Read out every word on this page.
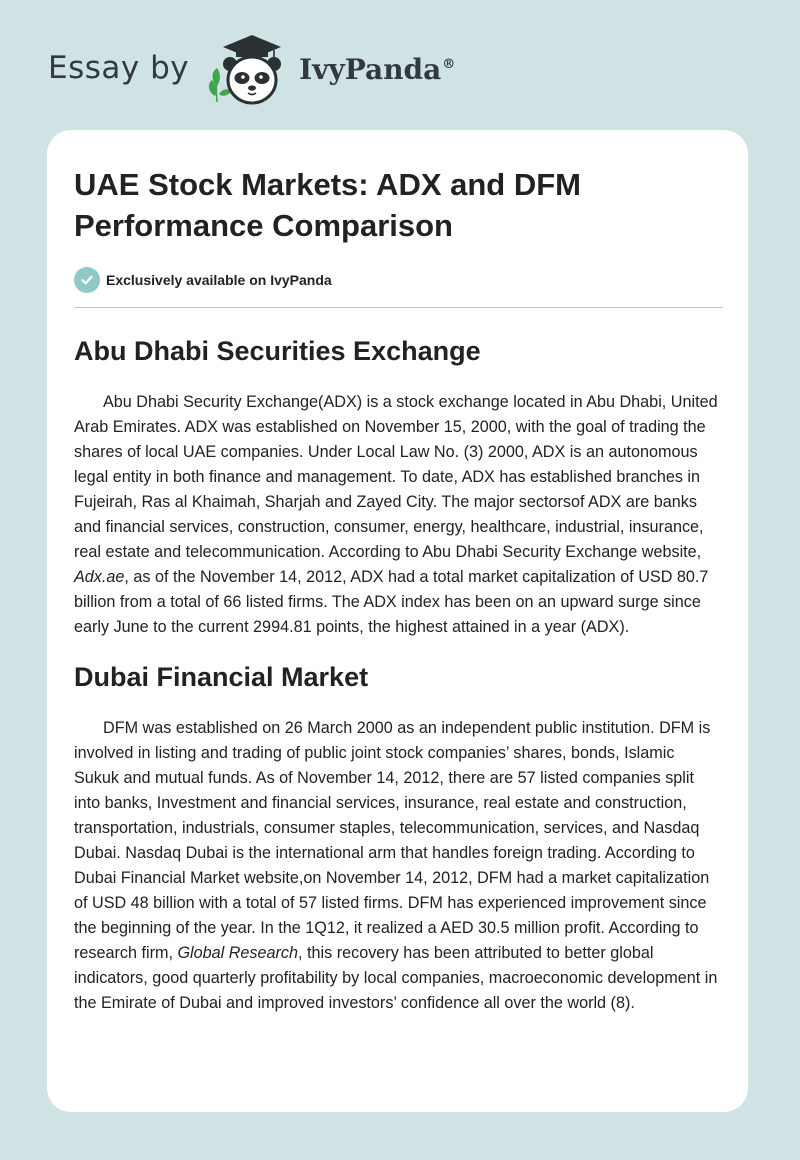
Essay by	IvyPanda®
UAE Stock Markets: ADX and DFM Performance Comparison
Exclusively available on IvyPanda
Abu Dhabi Securities Exchange

Abu Dhabi Security Exchange(ADX) is a stock exchange located in Abu Dhabi, United Arab Emirates. ADX was established on November 15, 2000, with the goal of trading the shares of local UAE companies. Under Local Law No. (3) 2000, ADX is an autonomous legal entity in both finance and management. To date, ADX has established branches in Fujeirah, Ras al Khaimah, Sharjah and Zayed City. The major sectorsof ADX are banks and financial services, construction, consumer, energy, healthcare, industrial, insurance, real estate and telecommunication. According to Abu Dhabi Security Exchange website, Adx.ae, as of the November 14, 2012, ADX had a total market capitalization of USD 80.7 billion from a total of 66 listed firms. The ADX index has been on an upward surge since early June to the current 2994.81 points, the highest attained in a year (ADX).

Dubai Financial Market

DFM was established on 26 March 2000 as an independent public institution. DFM is involved in listing and trading of public joint stock companies’ shares, bonds, Islamic Sukuk and mutual funds. As of November 14, 2012, there are 57 listed companies split into banks, Investment and financial services, insurance, real estate and construction, transportation, industrials, consumer staples, telecommunication, services, and Nasdaq Dubai. Nasdaq Dubai is the international arm that handles foreign trading. According to Dubai Financial Market website,on November 14, 2012, DFM had a market capitalization of USD 48 billion with a total of 57 listed firms. DFM has experienced improvement since the beginning of the year. In the 1Q12, it realized a AED 30.5 million profit. According to research firm, Global Research, this recovery has been attributed to better global indicators, good quarterly profitability by local companies, macroeconomic development in the Emirate of Dubai and improved investors’ confidence all over the world (8).
